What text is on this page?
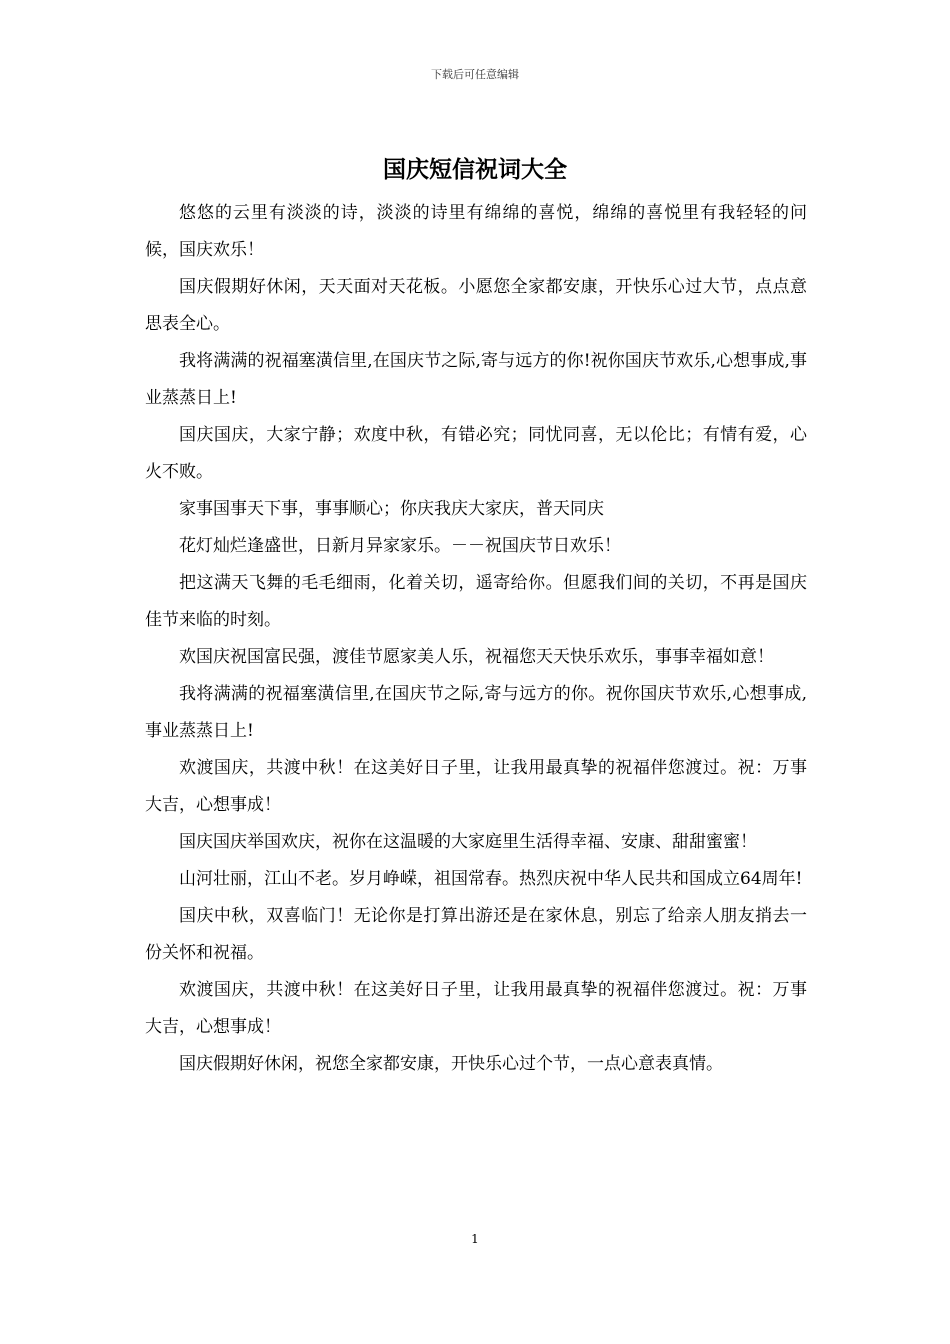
下载后可任意编辑
国庆短信祝词大全

悠悠的云里有淡淡的诗，淡淡的诗里有绵绵的喜悦，绵绵的喜悦里有我轻轻的问候，国庆欢乐！

国庆假期好休闲，天天面对天花板。小愿您全家都安康，开快乐心过大节，点点意思表全心。

我将满满的祝福塞潢信里,在国庆节之际,寄与远方的你!祝你国庆节欢乐,心想事成,事业蒸蒸日上!

国庆国庆，大家宁静；欢度中秋，有错必究；同忧同喜，无以伦比；有情有爱，心火不败。

家事国事天下事，事事顺心；你庆我庆大家庆，普天同庆

花灯灿烂逢盛世，日新月异家家乐。－－祝国庆节日欢乐！

把这满天飞舞的毛毛细雨，化着关切，遥寄给你。但愿我们间的关切，不再是国庆佳节来临的时刻。

欢国庆祝国富民强，渡佳节愿家美人乐，祝福您天天快乐欢乐，事事幸福如意！

我将满满的祝福塞潢信里,在国庆节之际,寄与远方的你。祝你国庆节欢乐,心想事成,事业蒸蒸日上!

欢渡国庆，共渡中秋！在这美好日子里，让我用最真挚的祝福伴您渡过。祝：万事大吉，心想事成！

国庆国庆举国欢庆，祝你在这温暖的大家庭里生活得幸福、安康、甜甜蜜蜜！

山河壮丽，江山不老。岁月峥嵘，祖国常春。热烈庆祝中华人民共和国成立64周年!

国庆中秋，双喜临门！无论你是打算出游还是在家休息，别忘了给亲人朋友捎去一份关怀和祝福。

欢渡国庆，共渡中秋！在这美好日子里，让我用最真挚的祝福伴您渡过。祝：万事大吉，心想事成！

国庆假期好休闲，祝您全家都安康，开快乐心过个节，一点心意表真情。

1
